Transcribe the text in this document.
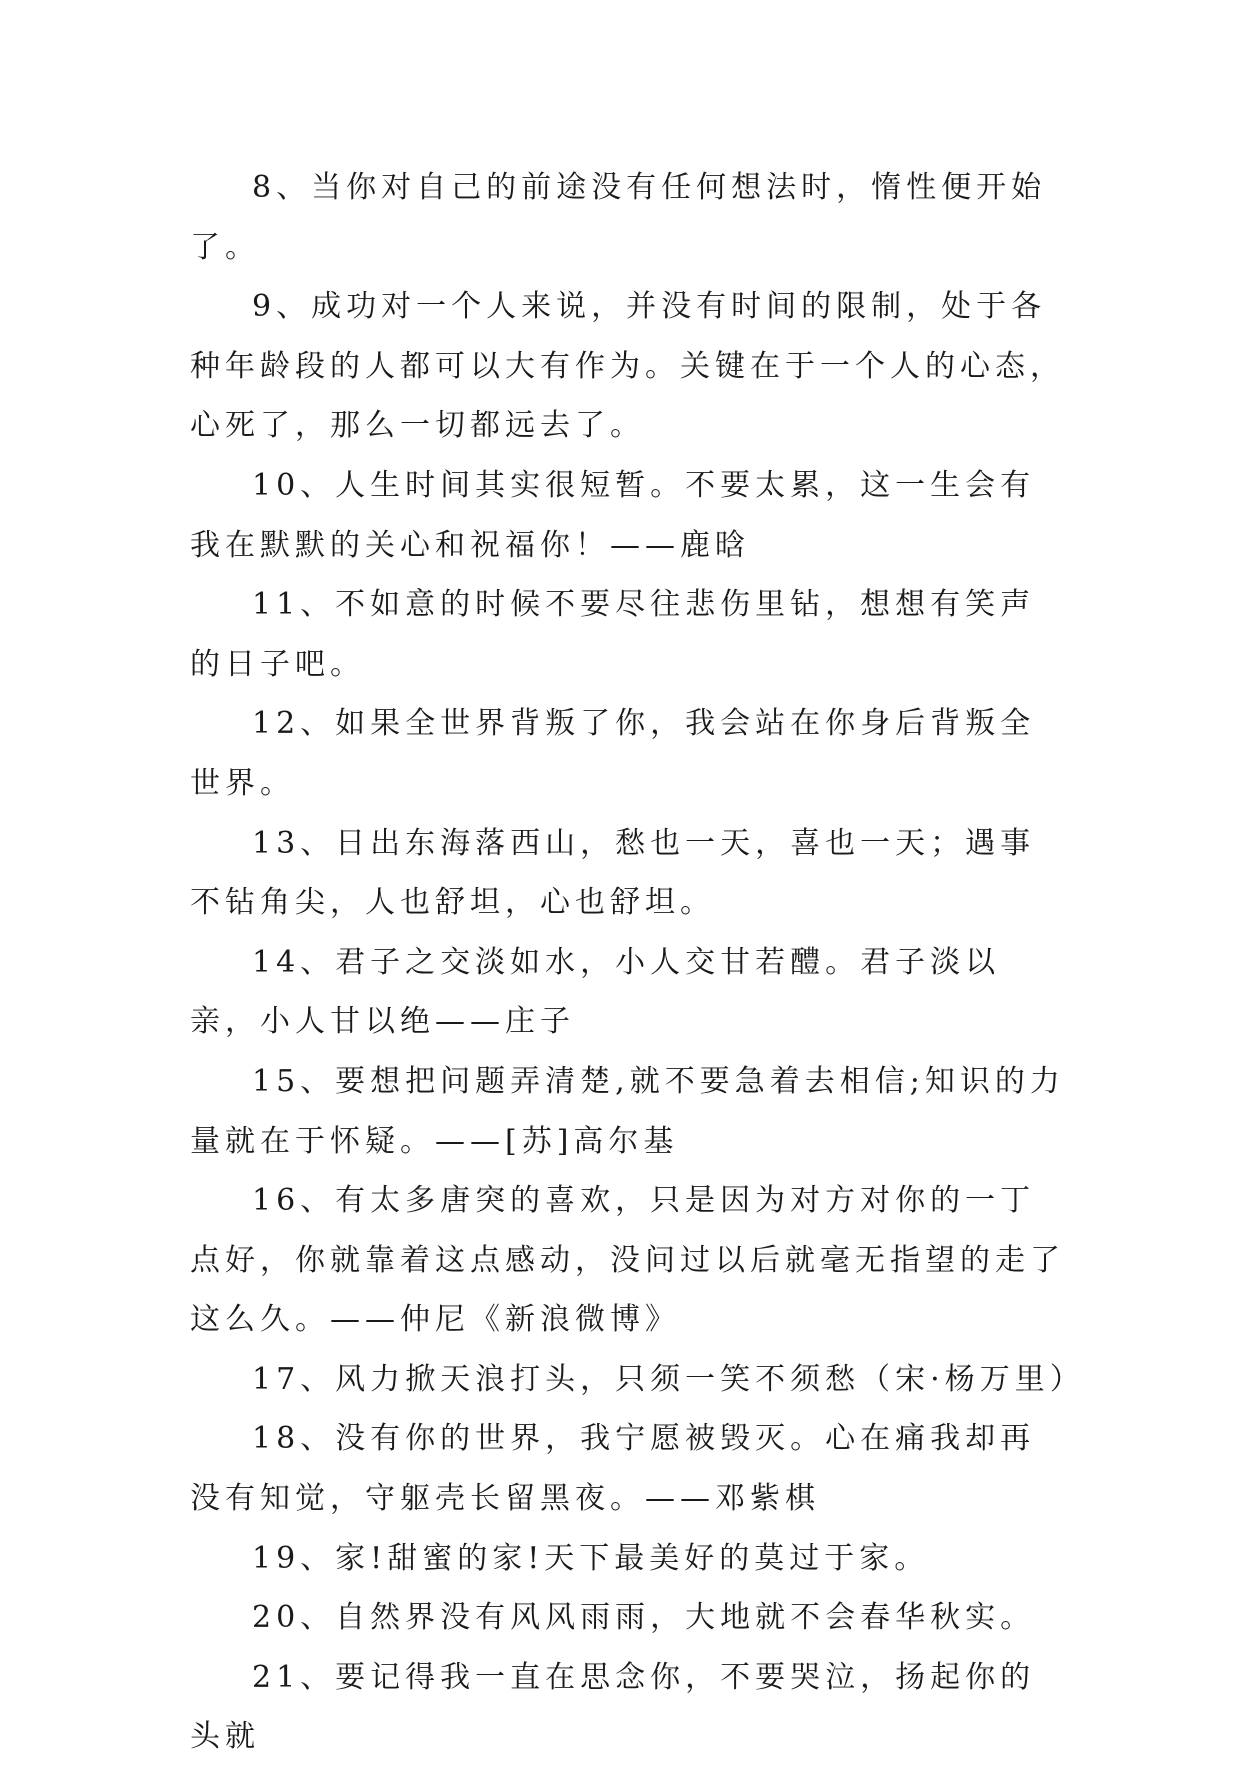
8、当你对自己的前途没有任何想法时，惰性便开始了。

9、成功对一个人来说，并没有时间的限制，处于各种年龄段的人都可以大有作为。关键在于一个人的心态，心死了，那么一切都远去了。

10、人生时间其实很短暂。不要太累，这一生会有我在默默的关心和祝福你！——鹿晗

11、不如意的时候不要尽往悲伤里钻，想想有笑声的日子吧。

12、如果全世界背叛了你，我会站在你身后背叛全世界。

13、日出东海落西山，愁也一天，喜也一天；遇事不钻角尖，人也舒坦，心也舒坦。

14、君子之交淡如水，小人交甘若醴。君子淡以亲，小人甘以绝——庄子

15、要想把问题弄清楚,就不要急着去相信;知识的力量就在于怀疑。——[苏]高尔基

16、有太多唐突的喜欢，只是因为对方对你的一丁点好，你就靠着这点感动，没问过以后就毫无指望的走了这么久。——仲尼《新浪微博》

17、风力掀天浪打头，只须一笑不须愁（宋·杨万里）

18、没有你的世界，我宁愿被毁灭。心在痛我却再没有知觉，守躯壳长留黑夜。——邓紫棋

19、家!甜蜜的家!天下最美好的莫过于家。

20、自然界没有风风雨雨，大地就不会春华秋实。

21、要记得我一直在思念你，不要哭泣，扬起你的头就
